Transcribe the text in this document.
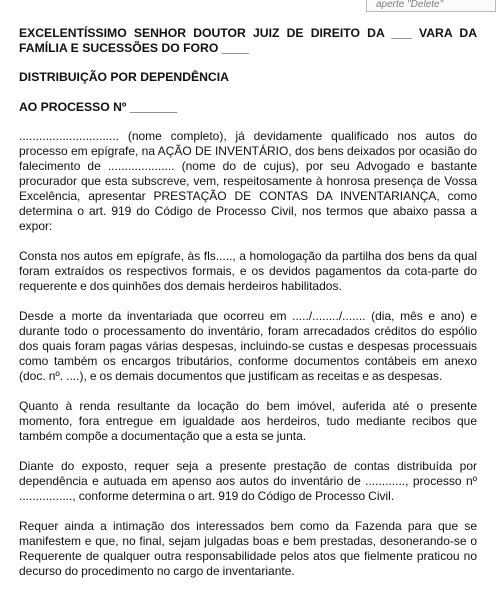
aperte "Delete"

EXCELENTÍSSIMO SENHOR DOUTOR JUIZ DE DIREITO DA ___ VARA DA FAMÍLIA E SUCESSÕES DO FORO ____

DISTRIBUIÇÃO POR DEPENDÊNCIA

AO PROCESSO Nº _______

.............................. (nome completo), já devidamente qualificado nos autos do processo em epígrafe, na AÇÃO DE INVENTÁRIO, dos bens deixados por ocasião do falecimento de .................... (nome do de cujus), por seu Advogado e bastante procurador que esta subscreve, vem, respeitosamente à honrosa presença de Vossa Excelência, apresentar PRESTAÇÃO DE CONTAS DA INVENTARIANÇA, como determina o art. 919 do Código de Processo Civil, nos termos que abaixo passa a expor:

Consta nos autos em epígrafe, às fls....., a homologação da partilha dos bens da qual foram extraídos os respectivos formais, e os devidos pagamentos da cota-parte do requerente e dos quinhões dos demais herdeiros habilitados.

Desde a morte da inventariada que ocorreu em ...../......../....... (dia, mês e ano) e durante todo o processamento do inventário, foram arrecadados créditos do espólio dos quais foram pagas várias despesas, incluindo-se custas e despesas processuais como também os encargos tributários, conforme documentos contábeis em anexo (doc. nº. ....), e os demais documentos que justificam as receitas e as despesas.

Quanto à renda resultante da locação do bem imóvel, auferida até o presente momento, fora entregue em igualdade aos herdeiros, tudo mediante recibos que também compõe a documentação que a esta se junta.

Diante do exposto, requer seja a presente prestação de contas distribuída por dependência e autuada em apenso aos autos do inventário de ............, processo nº ................, conforme determina o art. 919 do Código de Processo Civil.

Requer ainda a intimação dos interessados bem como da Fazenda para que se manifestem e que, no final, sejam julgadas boas e bem prestadas, desonerando-se o Requerente de qualquer outra responsabilidade pelos atos que fielmente praticou no decurso do procedimento no cargo de inventariante.
